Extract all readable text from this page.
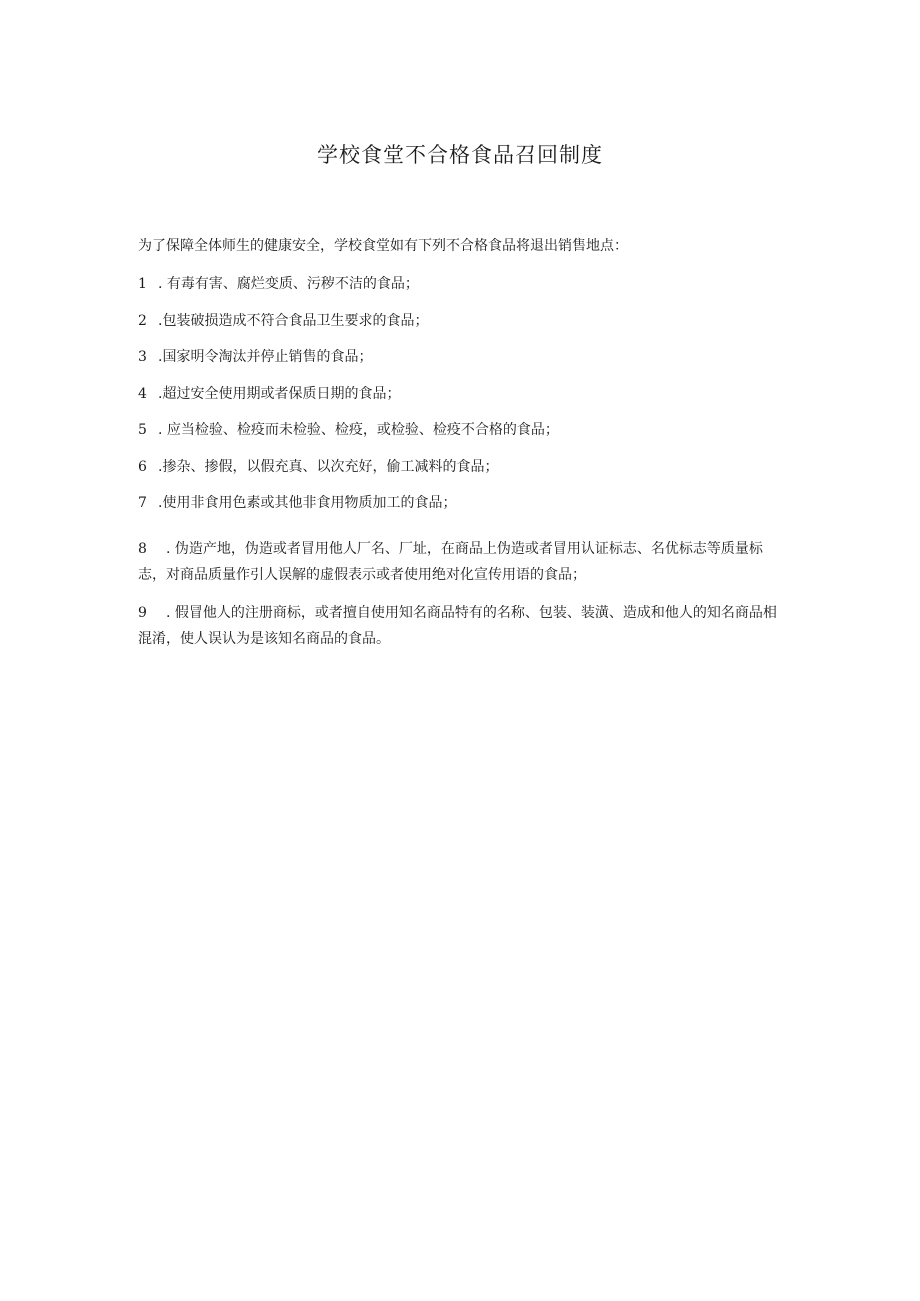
学校食堂不合格食品召回制度
为了保障全体师生的健康安全，学校食堂如有下列不合格食品将退出销售地点：
1 . 有毒有害、腐烂变质、污秽不洁的食品；
2 .包装破损造成不符合食品卫生要求的食品；
3 .国家明令淘汰并停止销售的食品；
4 .超过安全使用期或者保质日期的食品；
5 . 应当检验、检疫而未检验、检疫，或检验、检疫不合格的食品；
6 .掺杂、掺假，以假充真、以次充好，偷工减料的食品；
7 .使用非食用色素或其他非食用物质加工的食品；
8 . 伪造产地，伪造或者冒用他人厂名、厂址，在商品上伪造或者冒用认证标志、名优标志等质量标志，对商品质量作引人误解的虚假表示或者使用绝对化宣传用语的食品；
9 . 假冒他人的注册商标，或者擅自使用知名商品特有的名称、包装、装潢、造成和他人的知名商品相混淆，使人误认为是该知名商品的食品。
